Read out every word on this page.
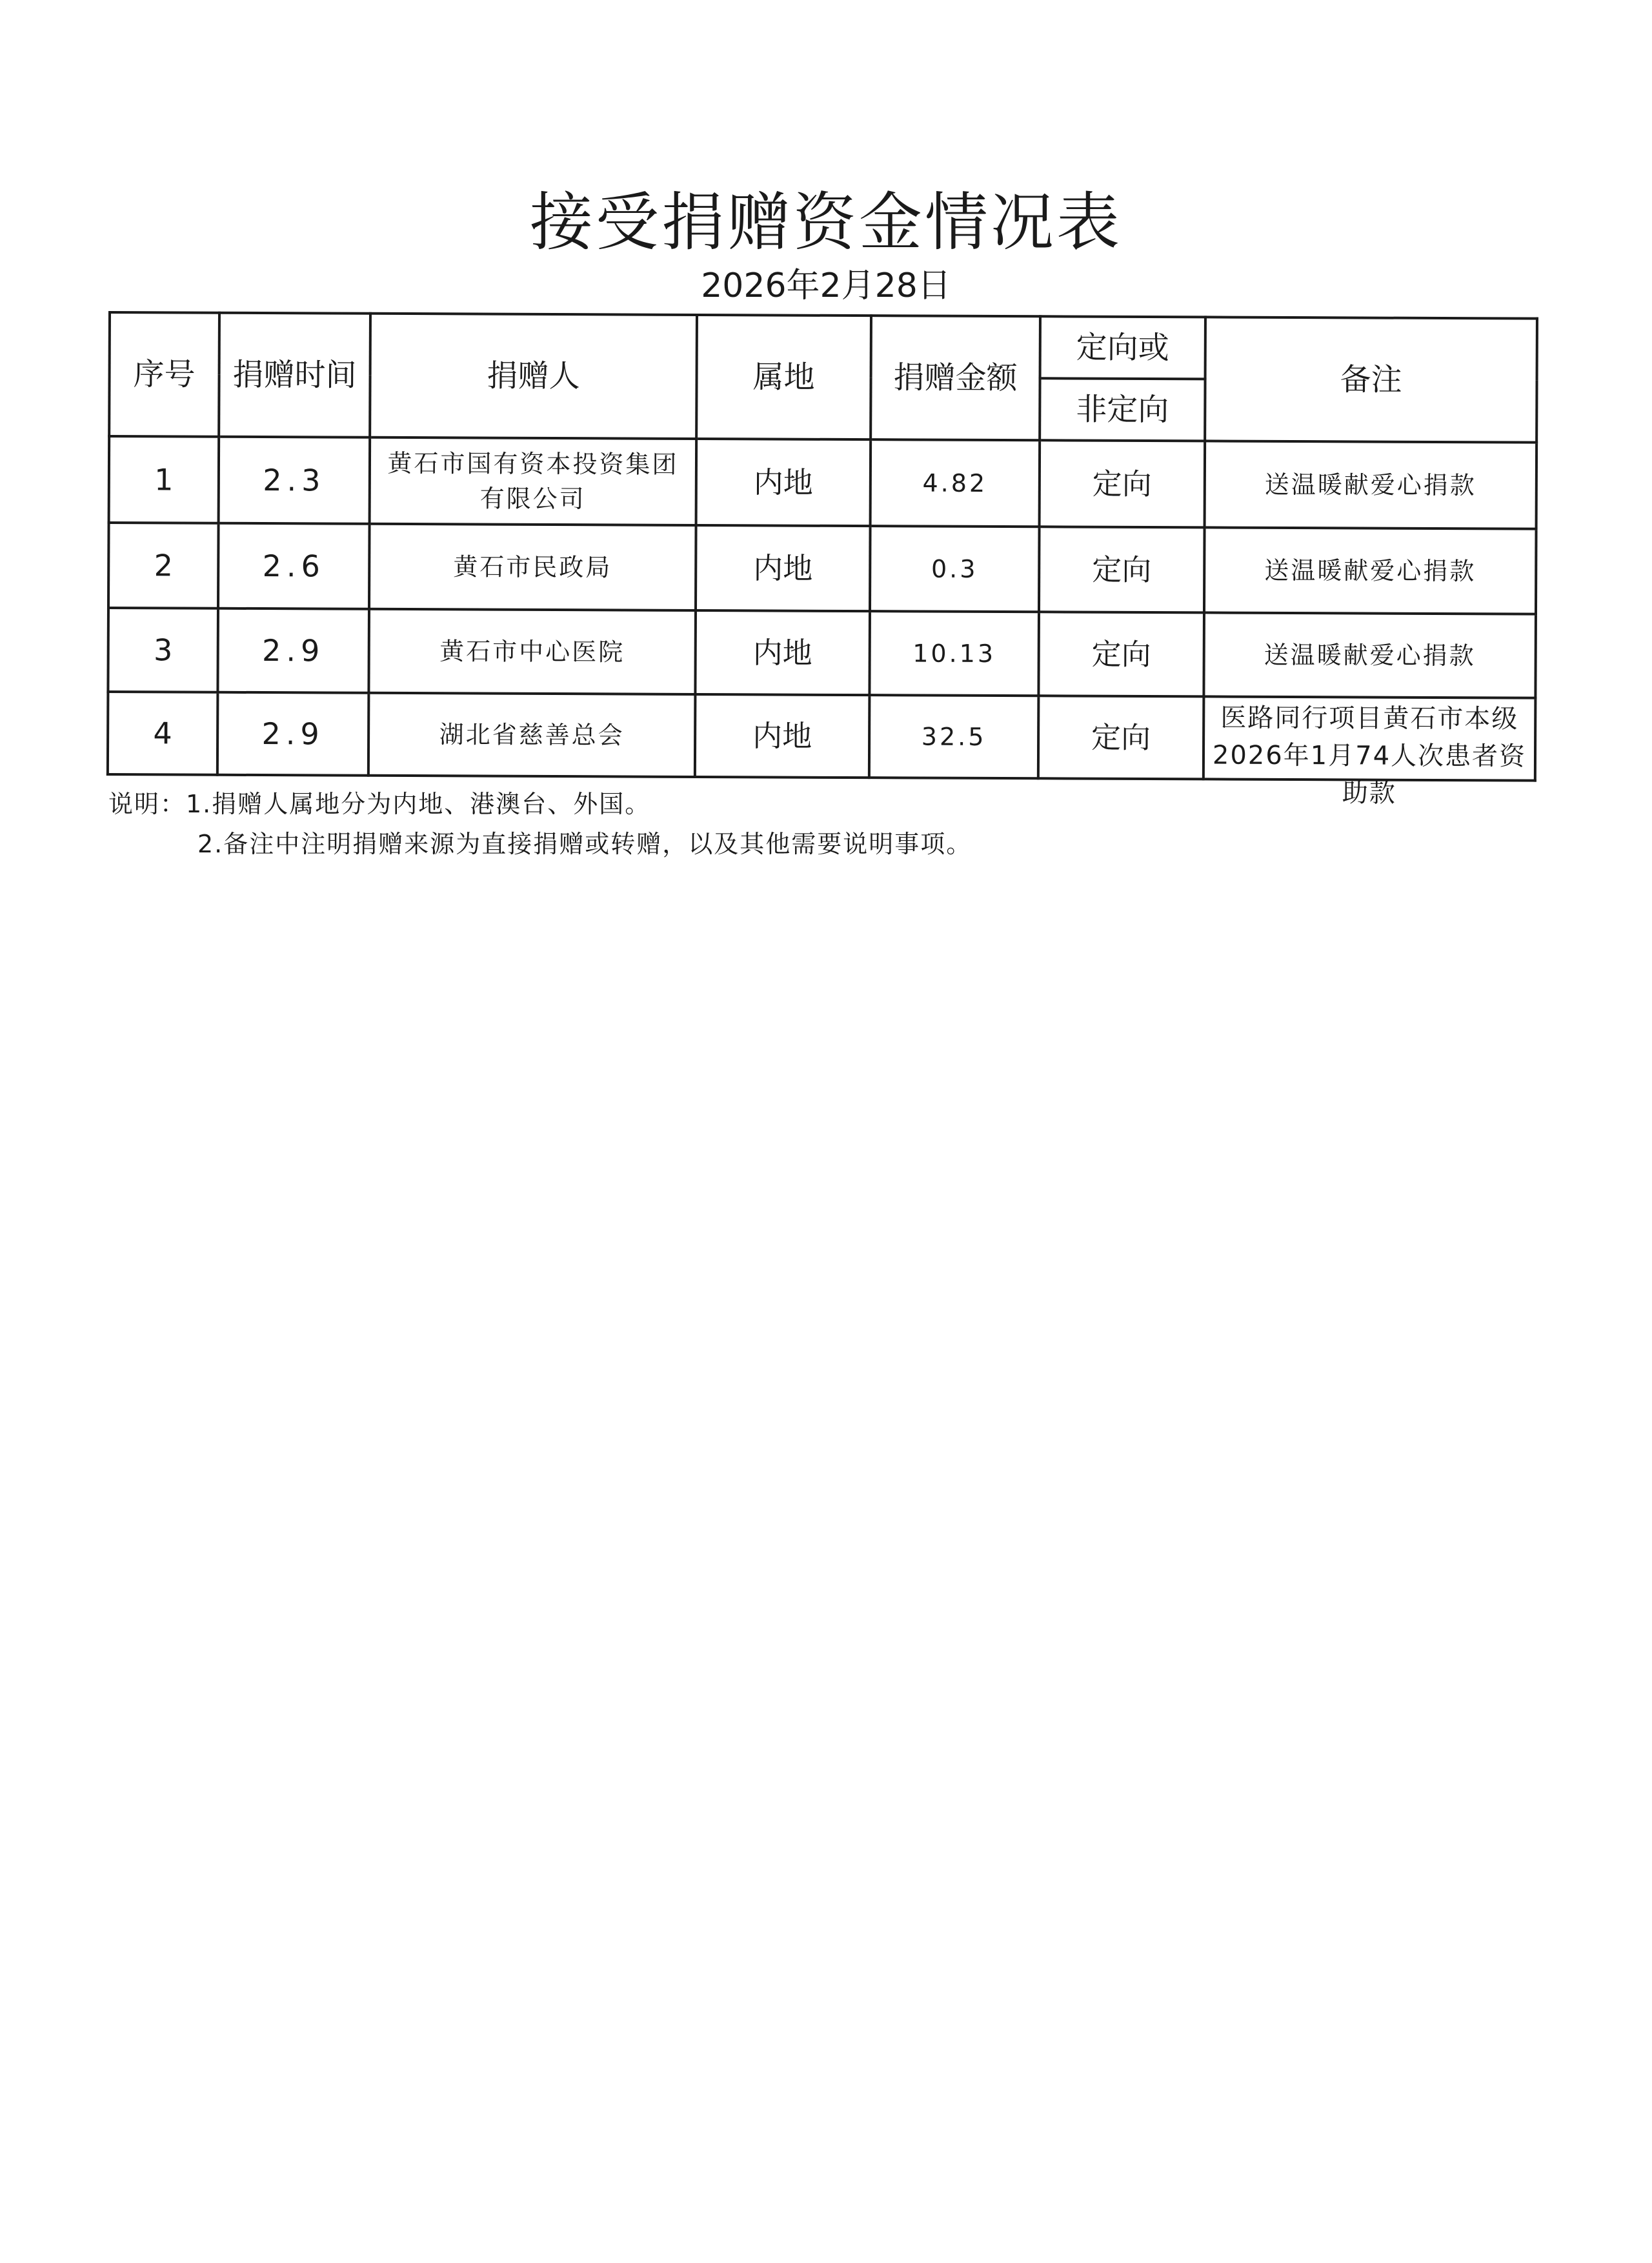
接受捐赠资金情况表
2026年2月28日
序号	捐赠时间	捐赠人	属地	捐赠金额	定向或	备注
					非定向	
1	2.3	黄石市国有资本投资集团有限公司	内地	4.82	定向	送温暖献爱心捐款
2	2.6	黄石市民政局	内地	0.3	定向	送温暖献爱心捐款
3	2.9	黄石市中心医院	内地	10.13	定向	送温暖献爱心捐款
4	2.9	湖北省慈善总会	内地	32.5	定向	医路同行项目黄石市本级2026年1月74人次患者资助款
说明：1.捐赠人属地分为内地、港澳台、外国。
2.备注中注明捐赠来源为直接捐赠或转赠，以及其他需要说明事项。
